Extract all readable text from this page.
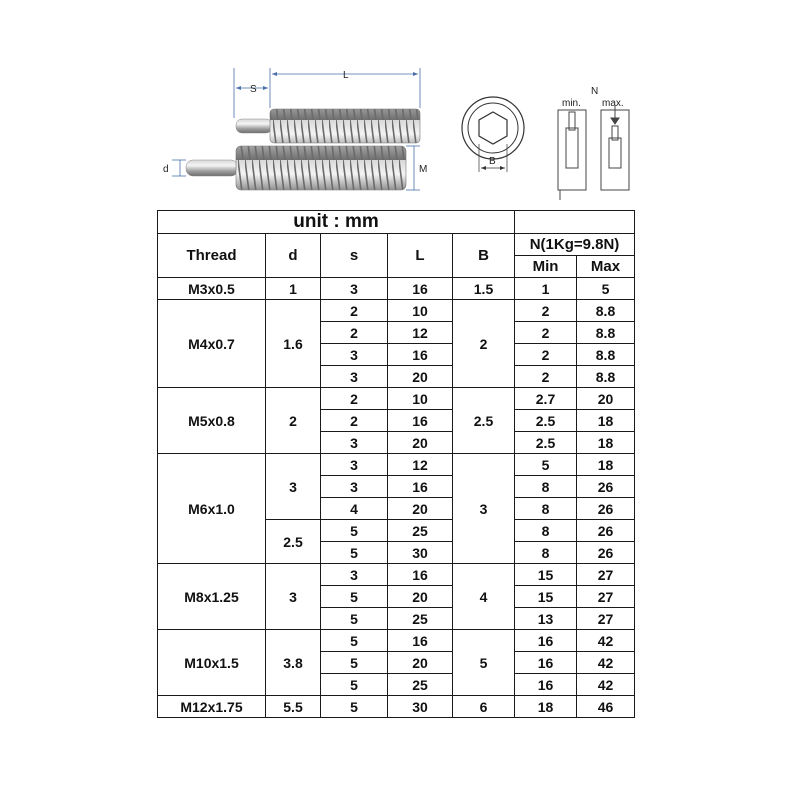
S
L
d	M
B
N
min. max.
unit : mm						
Thread	d	s	L	B	N(1Kg=9.8N)	
					Min	Max
M3x0.5	1	3	16	1.5	1	5
M4x0.7	1.6	2	10	2	2	8.8
		2	12		2	8.8
		3	16		2	8.8
		3	20		2	8.8
M5x0.8	2	2	10	2.5	2.7	20
		2	16		2.5	18
		3	20		2.5	18
M6x1.0	3	3	12	3	5	18
		3	16		8	26
		4	20		8	26
	2.5	5	25		8	26
		5	30		8	26
M8x1.25	3	3	16	4	15	27
		5	20		15	27
		5	25		13	27
M10x1.5	3.8	5	16	5	16	42
		5	20		16	42
		5	25		16	42
M12x1.75	5.5	5	30	6	18	46
